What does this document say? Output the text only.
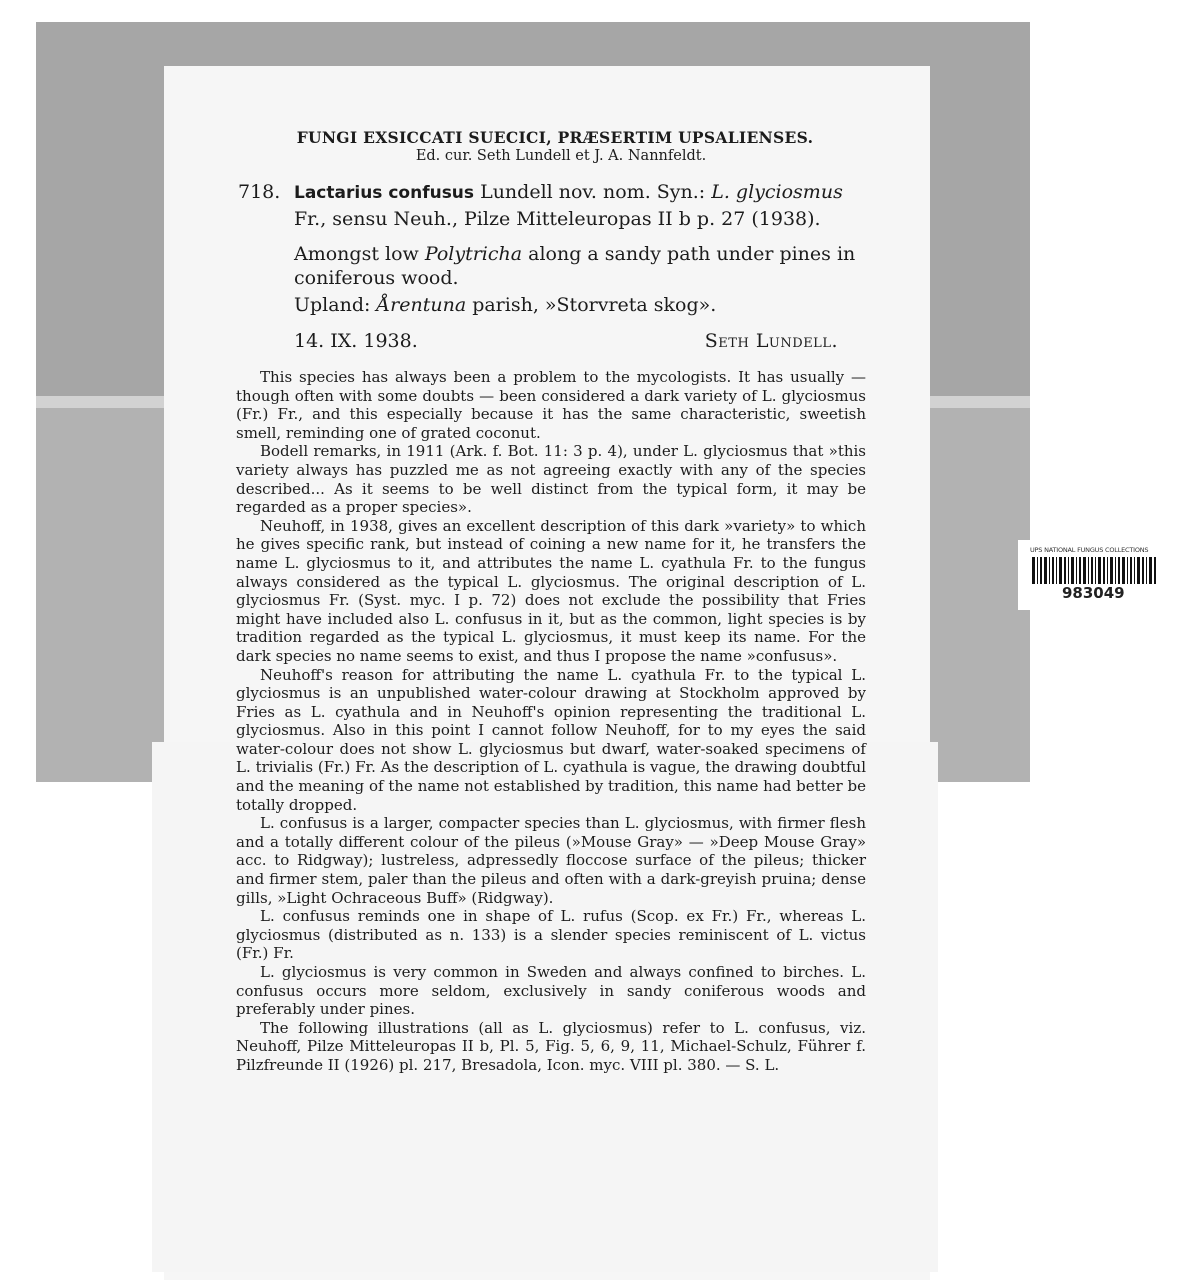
FUNGI EXSICCATI SUECICI, PRÆSERTIM UPSALIENSES.
Ed. cur. Seth Lundell et J. A. Nannfeldt.
718. Lactarius confusus Lundell nov. nom. Syn.: L. glyciosmus Fr., sensu Neuh., Pilze Mitteleuropas II b p. 27 (1938).
Amongst low Polytricha along a sandy path under pines in coniferous wood.
Upland: Årentuna parish, »Storvreta skog».
14. IX. 1938.	Seth Lundell.

This species has always been a problem to the mycologists. It has usually — though often with some doubts — been considered a dark variety of L. glyciosmus (Fr.) Fr., and this especially because it has the same characteristic, sweetish smell, reminding one of grated coconut.

Bodell remarks, in 1911 (Ark. f. Bot. 11: 3 p. 4), under L. glyciosmus that »this variety always has puzzled me as not agreeing exactly with any of the species described... As it seems to be well distinct from the typical form, it may be regarded as a proper species».

Neuhoff, in 1938, gives an excellent description of this dark »variety» to which he gives specific rank, but instead of coining a new name for it, he transfers the name L. glyciosmus to it, and attributes the name L. cyathula Fr. to the fungus always considered as the typical L. glyciosmus. The original description of L. glyciosmus Fr. (Syst. myc. I p. 72) does not exclude the possibility that Fries might have included also L. confusus in it, but as the common, light species is by tradition regarded as the typical L. glyciosmus, it must keep its name. For the dark species no name seems to exist, and thus I propose the name »confusus».

Neuhoff's reason for attributing the name L. cyathula Fr. to the typical L. glyciosmus is an unpublished water-colour drawing at Stockholm approved by Fries as L. cyathula and in Neuhoff's opinion representing the traditional L. glyciosmus. Also in this point I cannot follow Neuhoff, for to my eyes the said water-colour does not show L. glyciosmus but dwarf, water-soaked specimens of L. trivialis (Fr.) Fr. As the description of L. cyathula is vague, the drawing doubtful and the meaning of the name not established by tradition, this name had better be totally dropped.

L. confusus is a larger, compacter species than L. glyciosmus, with firmer flesh and a totally different colour of the pileus (»Mouse Gray» — »Deep Mouse Gray» acc. to Ridgway); lustreless, adpressedly floccose surface of the pileus; thicker and firmer stem, paler than the pileus and often with a dark-greyish pruina; dense gills, »Light Ochraceous Buff» (Ridgway).

L. confusus reminds one in shape of L. rufus (Scop. ex Fr.) Fr., whereas L. glyciosmus (distributed as n. 133) is a slender species reminiscent of L. victus (Fr.) Fr.

L. glyciosmus is very common in Sweden and always confined to birches. L. confusus occurs more seldom, exclusively in sandy coniferous woods and preferably under pines.

The following illustrations (all as L. glyciosmus) refer to L. confusus, viz. Neuhoff, Pilze Mitteleuropas II b, Pl. 5, Fig. 5, 6, 9, 11, Michael-Schulz, Führer f. Pilzfreunde II (1926) pl. 217, Bresadola, Icon. myc. VIII pl. 380. — S. L.

UPS NATIONAL FUNGUS COLLECTIONS
983049
